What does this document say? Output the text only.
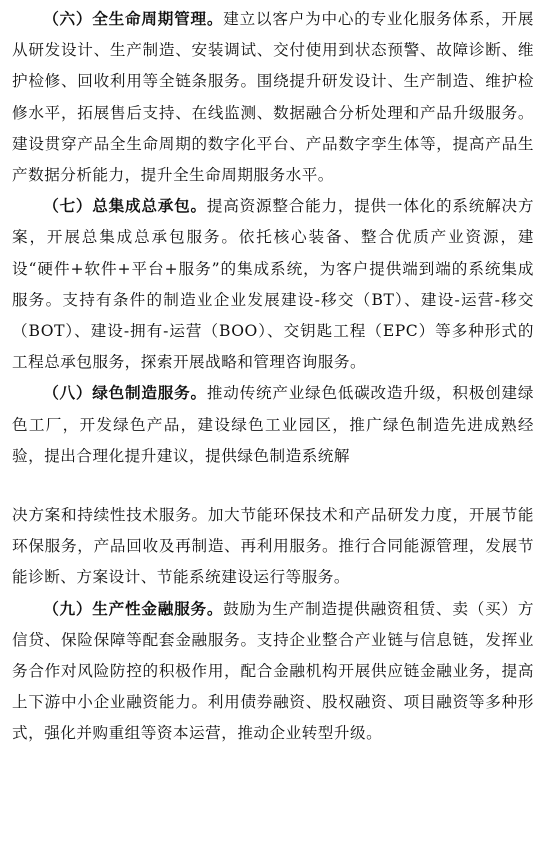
（六）全生命周期管理。建立以客户为中心的专业化服务体系，开展从研发设计、生产制造、安装调试、交付使用到状态预警、故障诊断、维护检修、回收利用等全链条服务。围绕提升研发设计、生产制造、维护检修水平，拓展售后支持、在线监测、数据融合分析处理和产品升级服务。建设贯穿产品全生命周期的数字化平台、产品数字孪生体等，提高产品生产数据分析能力，提升全生命周期服务水平。

（七）总集成总承包。提高资源整合能力，提供一体化的系统解决方案，开展总集成总承包服务。依托核心装备、整合优质产业资源，建设“硬件+软件+平台+服务”的集成系统，为客户提供端到端的系统集成服务。支持有条件的制造业企业发展建设-移交（BT）、建设-运营-移交（BOT）、建设-拥有-运营（BOO）、交钥匙工程（EPC）等多种形式的工程总承包服务，探索开展战略和管理咨询服务。

（八）绿色制造服务。推动传统产业绿色低碳改造升级，积极创建绿色工厂，开发绿色产品，建设绿色工业园区，推广绿色制造先进成熟经验，提出合理化提升建议，提供绿色制造系统解

决方案和持续性技术服务。加大节能环保技术和产品研发力度，开展节能环保服务，产品回收及再制造、再利用服务。推行合同能源管理，发展节能诊断、方案设计、节能系统建设运行等服务。

（九）生产性金融服务。鼓励为生产制造提供融资租赁、卖（买）方信贷、保险保障等配套金融服务。支持企业整合产业链与信息链，发挥业务合作对风险防控的积极作用，配合金融机构开展供应链金融业务，提高上下游中小企业融资能力。利用债券融资、股权融资、项目融资等多种形式，强化并购重组等资本运营，推动企业转型升级。
